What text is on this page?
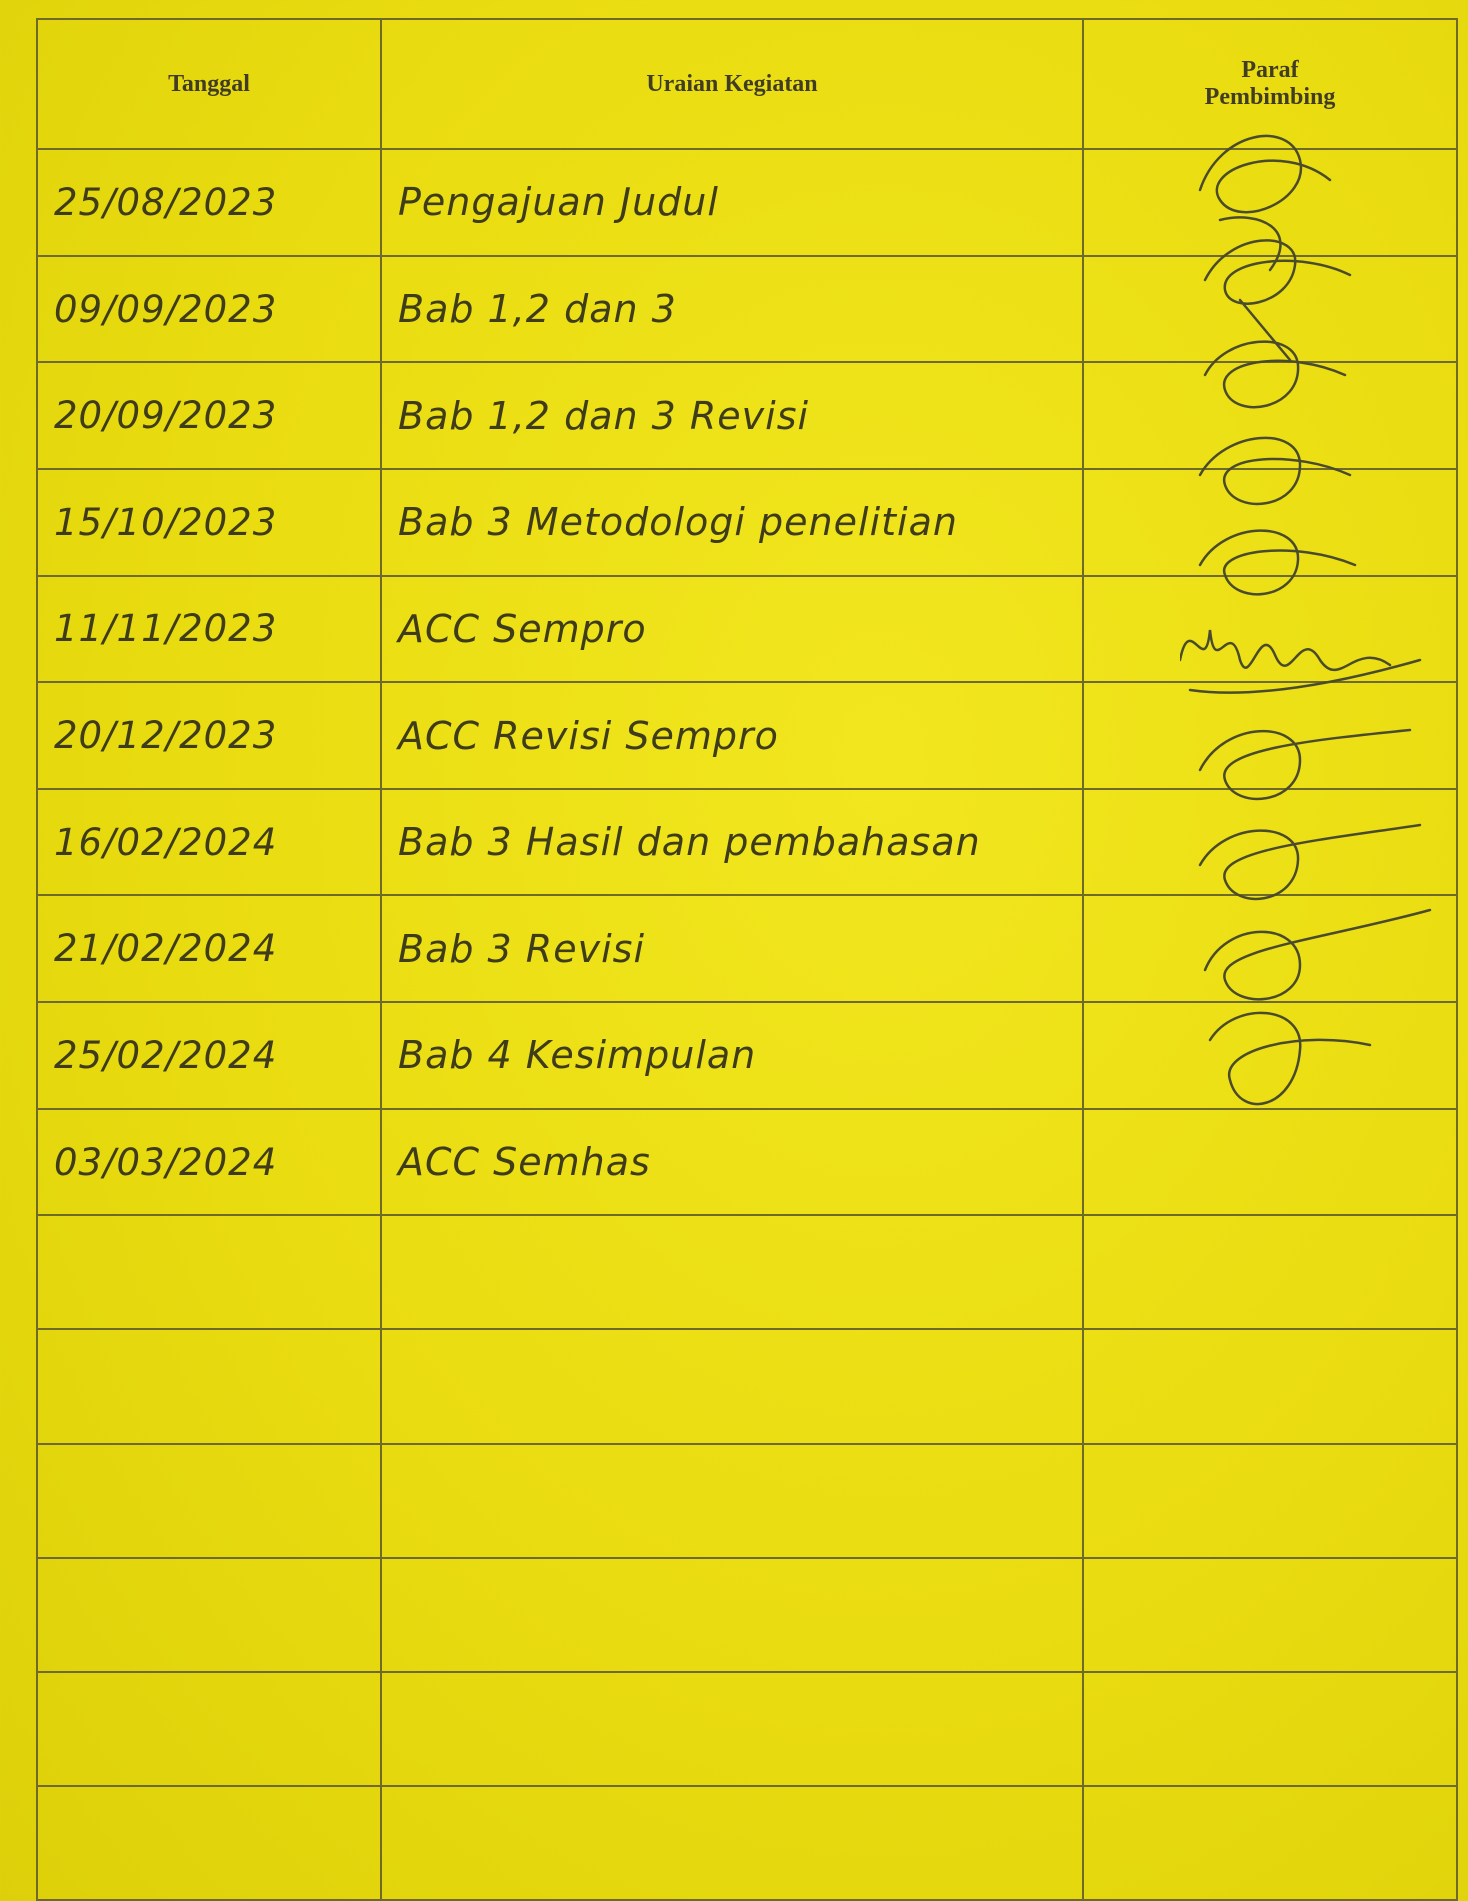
Tanggal	Uraian Kegiatan	Paraf
Pembimbing

25/08/2023	Pengajuan Judul	
09/09/2023	Bab 1,2 dan 3	
20/09/2023	Bab 1,2 dan 3 Revisi	
15/10/2023	Bab 3 Metodologi penelitian	
11/11/2023	ACC Sempro	
20/12/2023	ACC Revisi Sempro	
16/02/2024	Bab 3 Hasil dan pembahasan	
21/02/2024	Bab 3 Revisi	
25/02/2024	Bab 4 Kesimpulan	
03/03/2024	ACC Semhas	
